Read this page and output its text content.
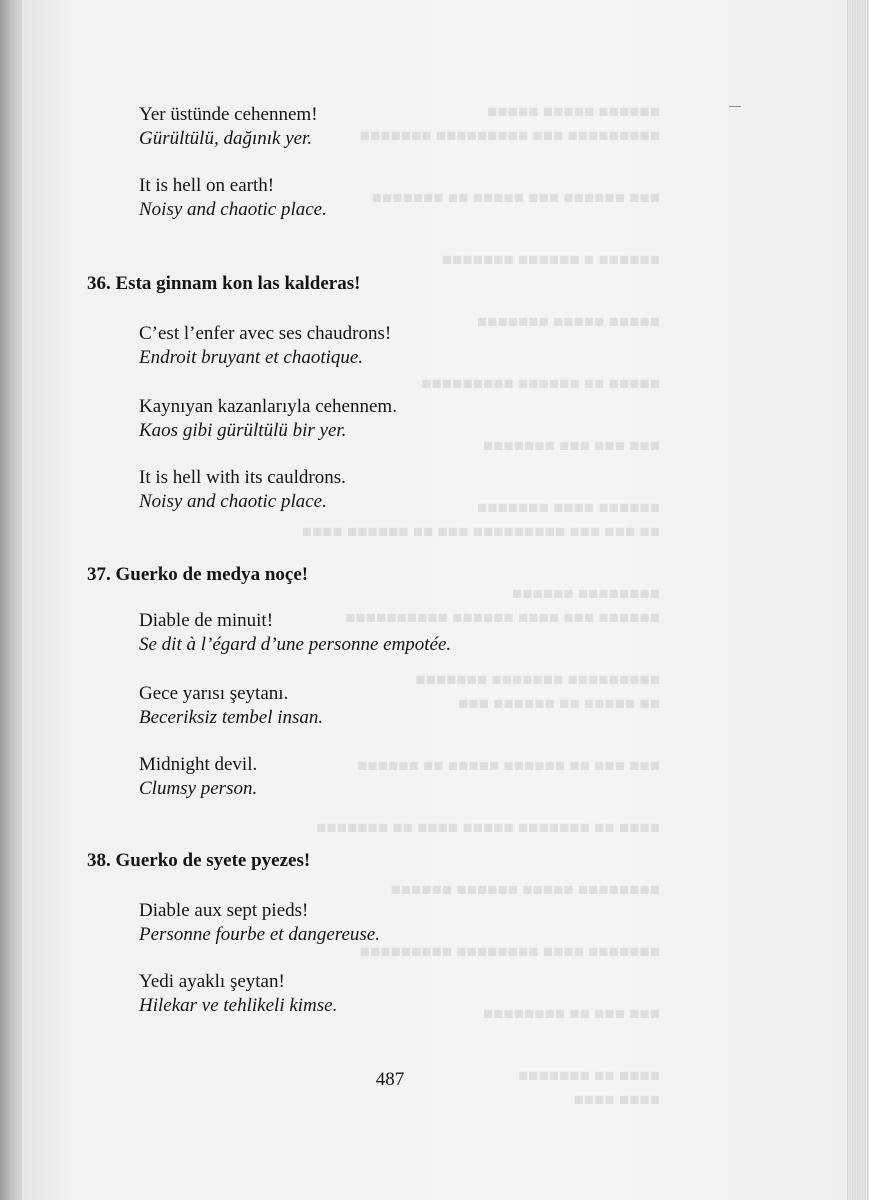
Yer üstünde cehennem!

Gürültülü, dağınık yer.

It is hell on earth!

Noisy and chaotic place.

36. Esta ginnam kon las kalderas!

C’est l’enfer avec ses chaudrons!

Endroit bruyant et chaotique.

Kaynıyan kazanlarıyla cehennem.

Kaos gibi gürültülü bir yer.

It is hell with its cauldrons.

Noisy and chaotic place.

37. Guerko de medya noçe!

Diable de minuit!

Se dit à l’égard d’une personne empotée.

Gece yarısı şeytanı.

Beceriksiz tembel insan.

Midnight devil.

Clumsy person.

38. Guerko de syete pyezes!

Diable aux sept pieds!

Personne fourbe et dangereuse.

Yedi ayaklı şeytan!

Hilekar ve tehlikeli kimse.

487
